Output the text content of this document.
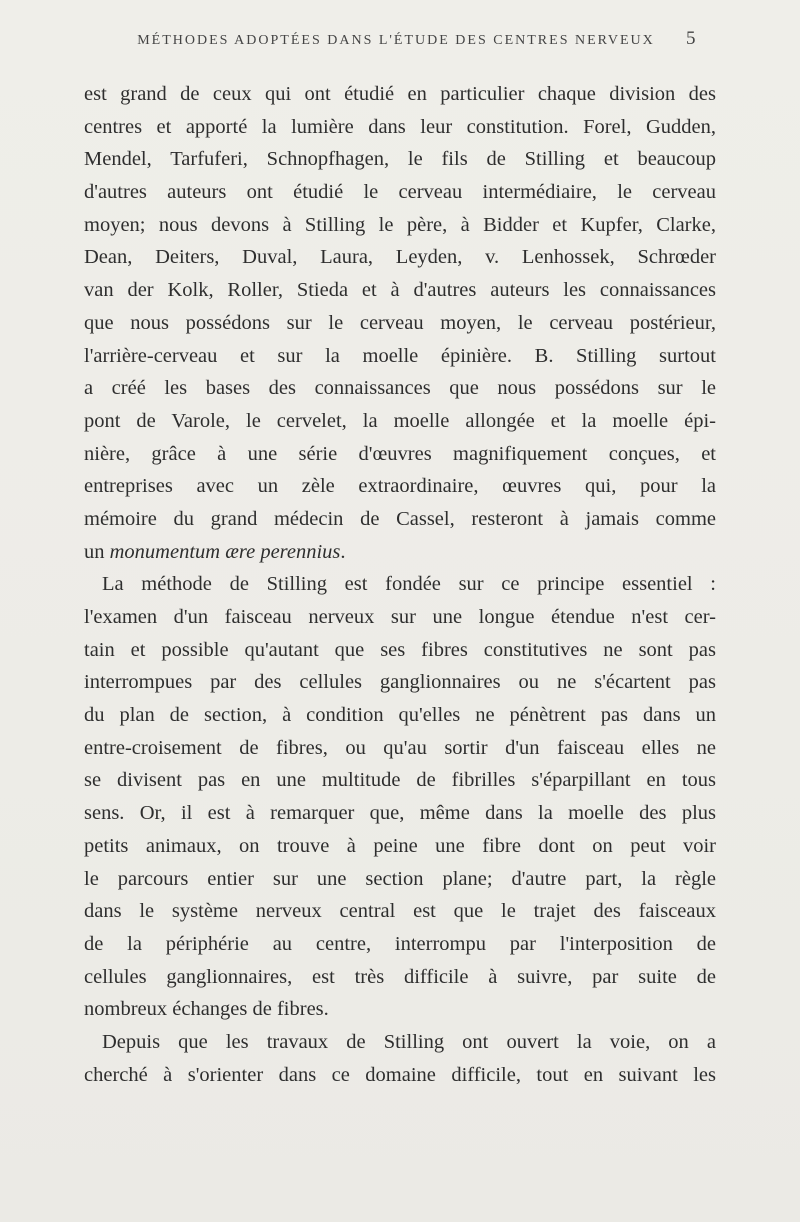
MÉTHODES ADOPTÉES DANS L'ÉTUDE DES CENTRES NERVEUX	5
est grand de ceux qui ont étudié en particulier chaque division des
centres et apporté la lumière dans leur constitution. Forel, Gudden,
Mendel, Tarfuferi, Schnopfhagen, le fils de Stilling et beaucoup
d'autres auteurs ont étudié le cerveau intermédiaire, le cerveau
moyen; nous devons à Stilling le père, à Bidder et Kupfer, Clarke,
Dean, Deiters, Duval, Laura, Leyden, v. Lenhossek, Schrœder
van der Kolk, Roller, Stieda et à d'autres auteurs les connaissances
que nous possédons sur le cerveau moyen, le cerveau postérieur,
l'arrière-cerveau et sur la moelle épinière. B. Stilling surtout
a créé les bases des connaissances que nous possédons sur le
pont de Varole, le cervelet, la moelle allongée et la moelle épi-
nière, grâce à une série d'œuvres magnifiquement conçues, et
entreprises avec un zèle extraordinaire, œuvres qui, pour la
mémoire du grand médecin de Cassel, resteront à jamais comme
un monumentum ære perennius.
La méthode de Stilling est fondée sur ce principe essentiel :
l'examen d'un faisceau nerveux sur une longue étendue n'est cer-
tain et possible qu'autant que ses fibres constitutives ne sont pas
interrompues par des cellules ganglionnaires ou ne s'écartent pas
du plan de section, à condition qu'elles ne pénètrent pas dans un
entre-croisement de fibres, ou qu'au sortir d'un faisceau elles ne
se divisent pas en une multitude de fibrilles s'éparpillant en tous
sens. Or, il est à remarquer que, même dans la moelle des plus
petits animaux, on trouve à peine une fibre dont on peut voir
le parcours entier sur une section plane; d'autre part, la règle
dans le système nerveux central est que le trajet des faisceaux
de la périphérie au centre, interrompu par l'interposition de
cellules ganglionnaires, est très difficile à suivre, par suite de
nombreux échanges de fibres.
Depuis que les travaux de Stilling ont ouvert la voie, on a
cherché à s'orienter dans ce domaine difficile, tout en suivant les
